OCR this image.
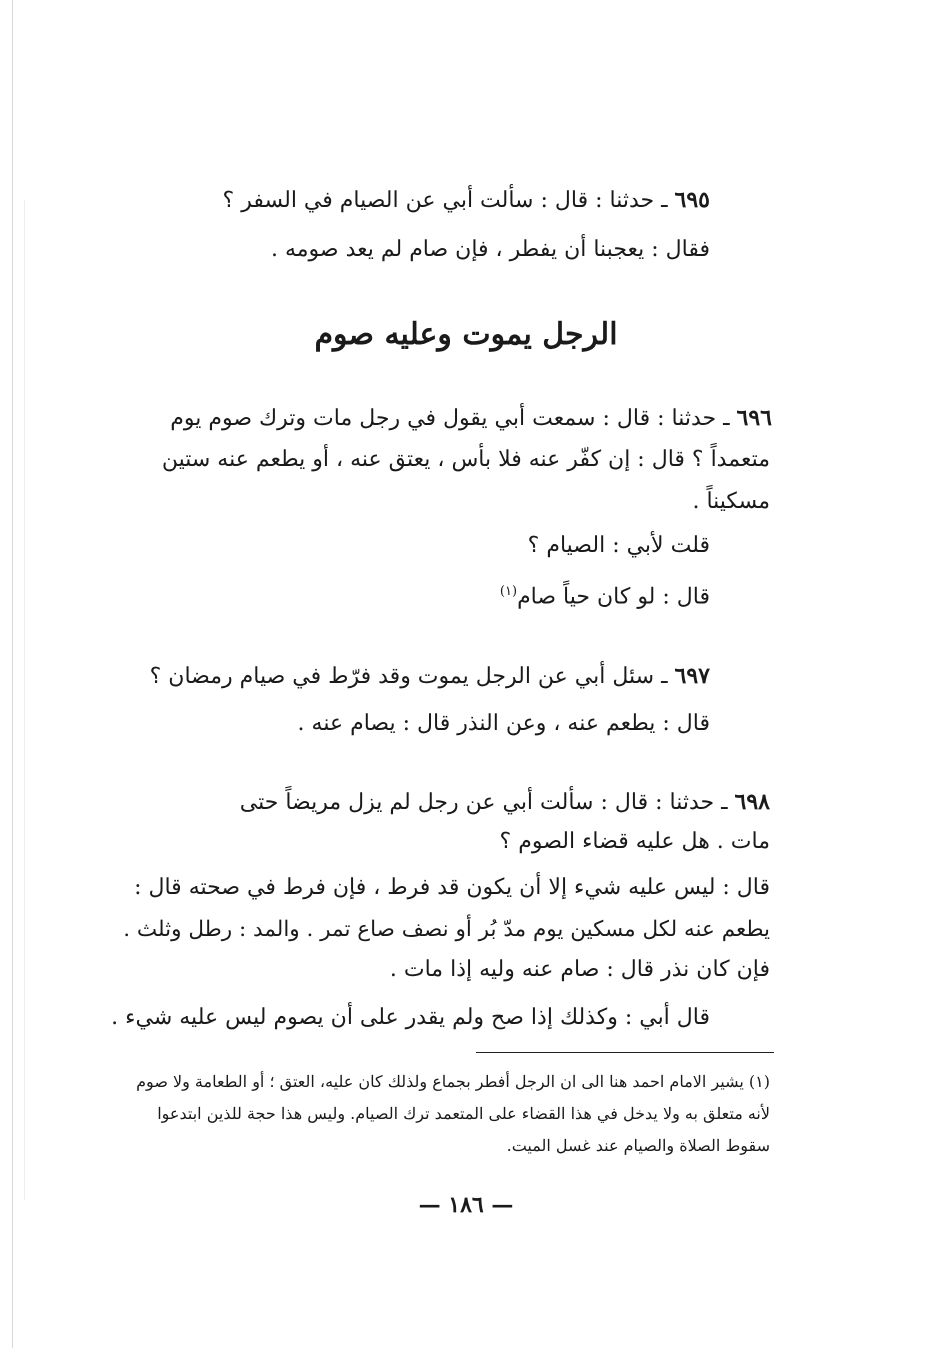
٦٩٥ ـ حدثنا : قال : سألت أبي عن الصيام في السفر ؟
فقال : يعجبنا أن يفطر ، فإن صام لم يعد صومه .
الرجل يموت وعليه صوم
٦٩٦ ـ حدثنا : قال : سمعت أبي يقول في رجل مات وترك صوم يوم
متعمداً ؟ قال : إن كفّر عنه فلا بأس ، يعتق عنه ، أو يطعم عنه ستين
مسكيناً .
قلت لأبي : الصيام ؟
قال : لو كان حياً صام$^{(١)}$
٦٩٧ ـ سئل أبي عن الرجل يموت وقد فرّط في صيام رمضان ؟
قال : يطعم عنه ، وعن النذر قال : يصام عنه .
٦٩٨ ـ حدثنا : قال : سألت أبي عن رجل لم يزل مريضاً حتى
مات . هل عليه قضاء الصوم ؟
قال : ليس عليه شيء إلا أن يكون قد فرط ، فإن فرط في صحته قال :
يطعم عنه لكل مسكين يوم مدّ بُر أو نصف صاع تمر . والمد : رطل وثلث .
فإن كان نذر قال : صام عنه وليه إذا مات .
قال أبي : وكذلك إذا صح ولم يقدر على أن يصوم ليس عليه شيء .
(١) يشير الامام احمد هنا الى ان الرجل أفطر بجماع ولذلك كان عليه، العتق ؛ أو الطعامة ولا صوم
لأنه متعلق به ولا يدخل في هذا القضاء على المتعمد ترك الصيام. وليس هذا حجة للذين ابتدعوا
سقوط الصلاة والصيام عند غسل الميت.
— ١٨٦ —
